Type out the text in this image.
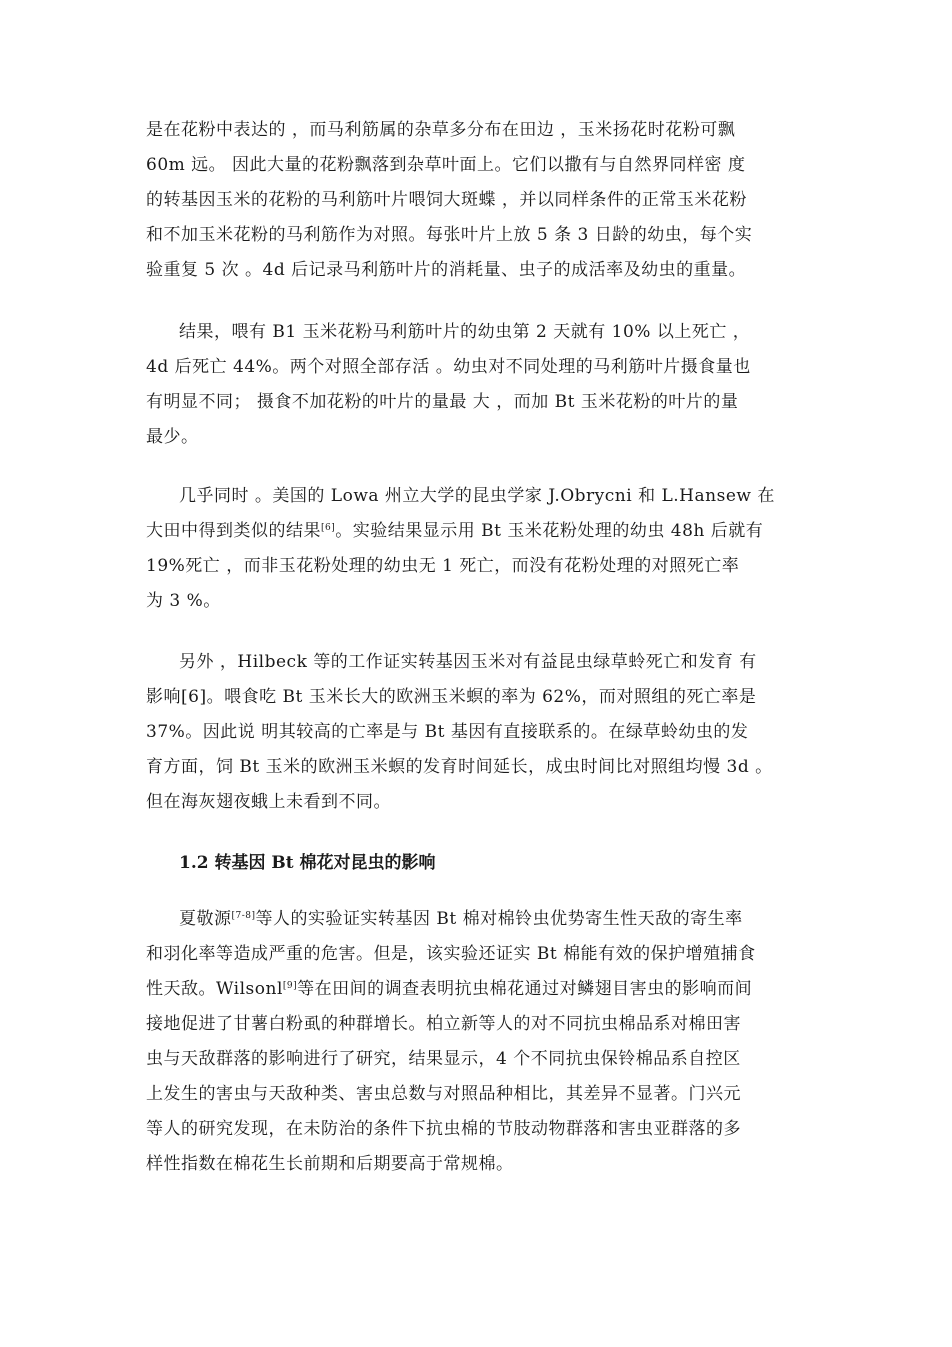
是在花粉中表达的 ，而马利筋属的杂草多分布在田边 ，玉米扬花时花粉可飘
60m 远。 因此大量的花粉飘落到杂草叶面上。它们以撒有与自然界同样密 度
的转基因玉米的花粉的马利筋叶片喂饲大斑蝶 ，并以同样条件的正常玉米花粉
和不加玉米花粉的马利筋作为对照。每张叶片上放 5 条 3 日龄的幼虫，每个实
验重复 5 次 。4d 后记录马利筋叶片的消耗量、虫子的成活率及幼虫的重量。
结果，喂有 B1 玉米花粉马利筋叶片的幼虫第 2 天就有 10% 以上死亡 ，
4d 后死亡 44%。两个对照全部存活 。幼虫对不同处理的马利筋叶片摄食量也
有明显不同； 摄食不加花粉的叶片的量最 大 ，而加 Bt 玉米花粉的叶片的量
最少。
几乎同时 。美国的 Lowa 州立大学的昆虫学家 J.Obrycni 和 L.Hansew 在
大田中得到类似的结果[6]。实验结果显示用 Bt 玉米花粉处理的幼虫 48h 后就有
19%死亡 ，而非玉花粉处理的幼虫无 1 死亡，而没有花粉处理的对照死亡率
为 3 %。
另外 ，Hilbeck 等的工作证实转基因玉米对有益昆虫绿草蛉死亡和发育 有
影响[6]。喂食吃 Bt 玉米长大的欧洲玉米螟的率为 62%，而对照组的死亡率是
37%。因此说 明其较高的亡率是与 Bt 基因有直接联系的。在绿草蛉幼虫的发
育方面，饲 Bt 玉米的欧洲玉米螟的发育时间延长，成虫时间比对照组均慢 3d 。
但在海灰翅夜蛾上未看到不同。
1.2 转基因 Bt 棉花对昆虫的影响
夏敬源[7-8]等人的实验证实转基因 Bt 棉对棉铃虫优势寄生性天敌的寄生率
和羽化率等造成严重的危害。但是，该实验还证实 Bt 棉能有效的保护增殖捕食
性天敌。Wilsonl[9]等在田间的调查表明抗虫棉花通过对鳞翅目害虫的影响而间
接地促进了甘薯白粉虱的种群增长。柏立新等人的对不同抗虫棉品系对棉田害
虫与天敌群落的影响进行了研究，结果显示，4 个不同抗虫保铃棉品系自控区
上发生的害虫与天敌种类、害虫总数与对照品种相比，其差异不显著。门兴元
等人的研究发现，在未防治的条件下抗虫棉的节肢动物群落和害虫亚群落的多
样性指数在棉花生长前期和后期要高于常规棉。
